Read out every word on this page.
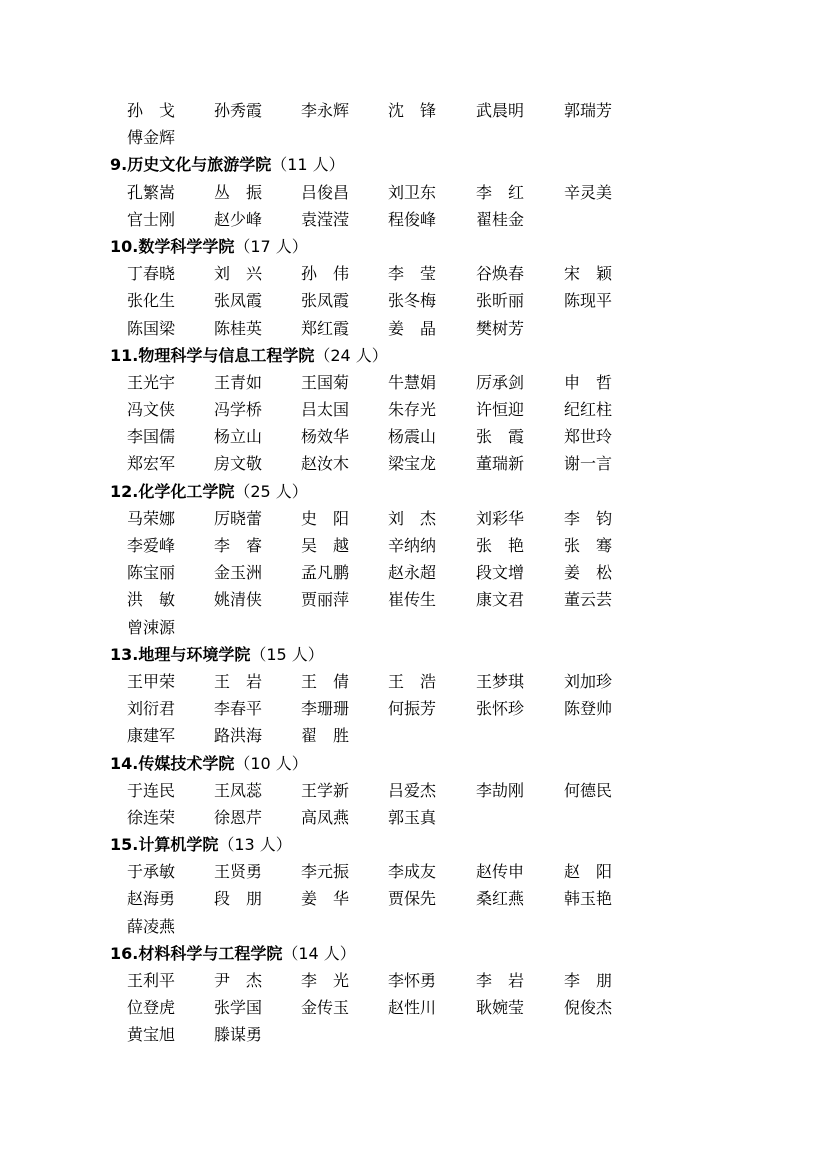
孙　戈 孙秀霞 李永辉 沈　锋 武晨明 郭瑞芳
傅金辉
9.历史文化与旅游学院（11 人）
孔繁嵩 丛　振 吕俊昌 刘卫东 李　红 辛灵美
官士刚 赵少峰 袁滢滢 程俊峰 翟桂金
10.数学科学学院（17 人）
丁春晓 刘　兴 孙　伟 李　莹 谷焕春 宋　颖
张化生 张凤霞 张凤霞 张冬梅 张昕丽 陈现平
陈国梁 陈桂英 郑红霞 姜　晶 樊树芳
11.物理科学与信息工程学院（24 人）
王光宇 王青如 王国菊 牛慧娟 厉承剑 申　哲
冯文侠 冯学桥 吕太国 朱存光 许恒迎 纪红柱
李国儒 杨立山 杨效华 杨震山 张　霞 郑世玲
郑宏军 房文敬 赵汝木 梁宝龙 董瑞新 谢一言
12.化学化工学院（25 人）
马荣娜 厉晓蕾 史　阳 刘　杰 刘彩华 李　钧
李爱峰 李　睿 吴　越 辛纳纳 张　艳 张　骞
陈宝丽 金玉洲 孟凡鹏 赵永超 段文增 姜　松
洪　敏 姚清侠 贾丽萍 崔传生 康文君 董云芸
曾涑源
13.地理与环境学院（15 人）
王甲荣 王　岩 王　倩 王　浩 王梦琪 刘加珍
刘衍君 李春平 李珊珊 何振芳 张怀珍 陈登帅
康建军 路洪海 翟　胜
14.传媒技术学院（10 人）
于连民 王凤蕊 王学新 吕爱杰 李劼刚 何德民
徐连荣 徐恩芹 高凤燕 郭玉真
15.计算机学院（13 人）
于承敏 王贤勇 李元振 李成友 赵传申 赵　阳
赵海勇 段　朋 姜　华 贾保先 桑红燕 韩玉艳
薛凌燕
16.材料科学与工程学院（14 人）
王利平 尹　杰 李　光 李怀勇 李　岩 李　朋
位登虎 张学国 金传玉 赵性川 耿婉莹 倪俊杰
黄宝旭 滕谋勇
